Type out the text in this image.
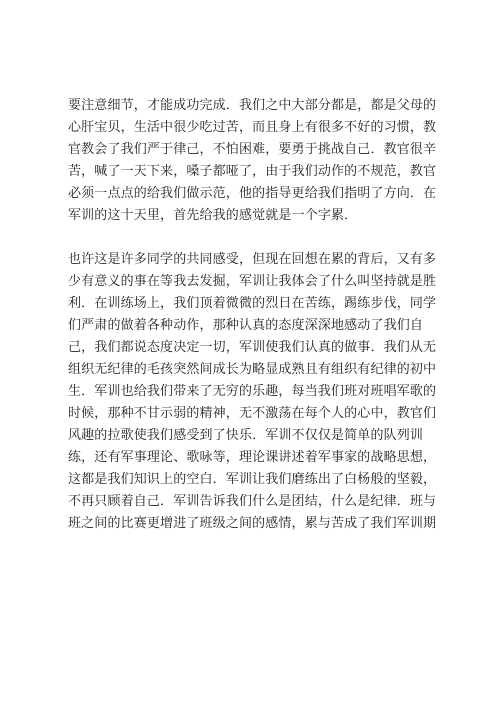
要注意细节，才能成功完成．我们之中大部分都是，都是父母的
心肝宝贝，生活中很少吃过苦，而且身上有很多不好的习惯，教
官教会了我们严于律己，不怕困难，要勇于挑战自己．教官很辛
苦，喊了一天下来，嗓子都哑了，由于我们动作的不规范，教官
必须一点点的给我们做示范，他的指导更给我们指明了方向．在
军训的这十天里，首先给我的感觉就是一个字累．
也许这是许多同学的共同感受，但现在回想在累的背后，又有多
少有意义的事在等我去发掘，军训让我体会了什么叫坚持就是胜
利．在训练场上，我们顶着微微的烈日在苦练，踢练步伐，同学
们严肃的做着各种动作，那种认真的态度深深地感动了我们自
己，我们都说态度决定一切，军训使我们认真的做事．我们从无
组织无纪律的毛孩突然间成长为略显成熟且有组织有纪律的初中
生．军训也给我们带来了无穷的乐趣，每当我们班对班唱军歌的
时候，那种不甘示弱的精神，无不激荡在每个人的心中，教官们
风趣的拉歌使我们感受到了快乐．军训不仅仅是简单的队列训
练，还有军事理论、歌咏等，理论课讲述着军事家的战略思想，
这都是我们知识上的空白．军训让我们磨练出了白杨般的坚毅，
不再只顾着自己．军训告诉我们什么是团结，什么是纪律．班与
班之间的比赛更增进了班级之间的感情，累与苦成了我们军训期
